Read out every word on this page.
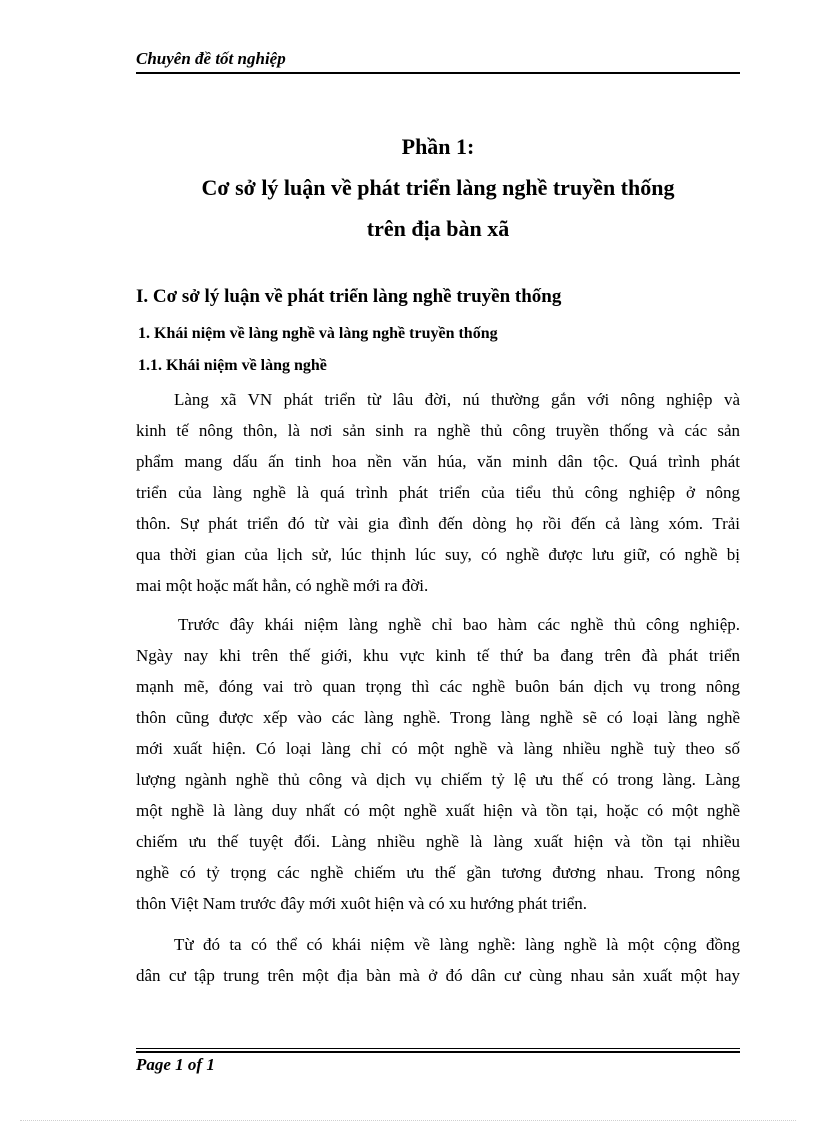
Chuyên đề tốt nghiệp
Phần 1:
Cơ sở lý luận về phát triển làng nghề truyền thống
trên địa bàn xã
I. Cơ sở lý luận về phát triển làng nghề truyền thống
1. Khái niệm về làng nghề và làng nghề truyền thống
1.1. Khái niệm về làng nghề
Làng xã VN phát triển từ lâu đời, nú thường gắn với nông nghiệp và
kinh tế nông thôn, là nơi sản sinh ra nghề thủ công truyền thống và các sản
phẩm mang dấu ấn tinh hoa nền văn húa, văn minh dân tộc. Quá trình phát
triển của làng nghề là quá trình phát triển của tiểu thủ công nghiệp ở nông
thôn. Sự phát triển đó từ vài gia đình đến dòng họ rồi đến cả làng xóm. Trải
qua thời gian của lịch sử, lúc thịnh lúc suy, có nghề được lưu giữ, có nghề bị
mai một hoặc mất hẳn, có nghề mới ra đời.
Trước đây khái niệm làng nghề chỉ bao hàm các nghề thủ công nghiệp.
Ngày nay khi trên thế giới, khu vực kinh tế thứ ba đang trên đà phát triển
mạnh mẽ, đóng vai trò quan trọng thì các nghề buôn bán dịch vụ trong nông
thôn cũng được xếp vào các làng nghề. Trong làng nghề sẽ có loại làng nghề
mới xuất hiện. Có loại làng chỉ có một nghề và làng nhiều nghề tuỳ theo số
lượng ngành nghề thủ công và dịch vụ chiếm tỷ lệ ưu thế có trong làng. Làng
một nghề là làng duy nhất có một nghề xuất hiện và tồn tại, hoặc có một nghề
chiếm ưu thế tuyệt đối. Làng nhiều nghề là làng xuất hiện và tồn tại nhiều
nghề có tỷ trọng các nghề chiếm ưu thế gần tương đương nhau. Trong nông
thôn Việt Nam trước đây mới xuôt hiện và có xu hướng phát triển.
Từ đó ta có thể có khái niệm về làng nghề: làng nghề là một cộng đồng
dân cư tập trung trên một địa bàn mà ở đó dân cư cùng nhau sản xuất một hay
Page 1 of 1
